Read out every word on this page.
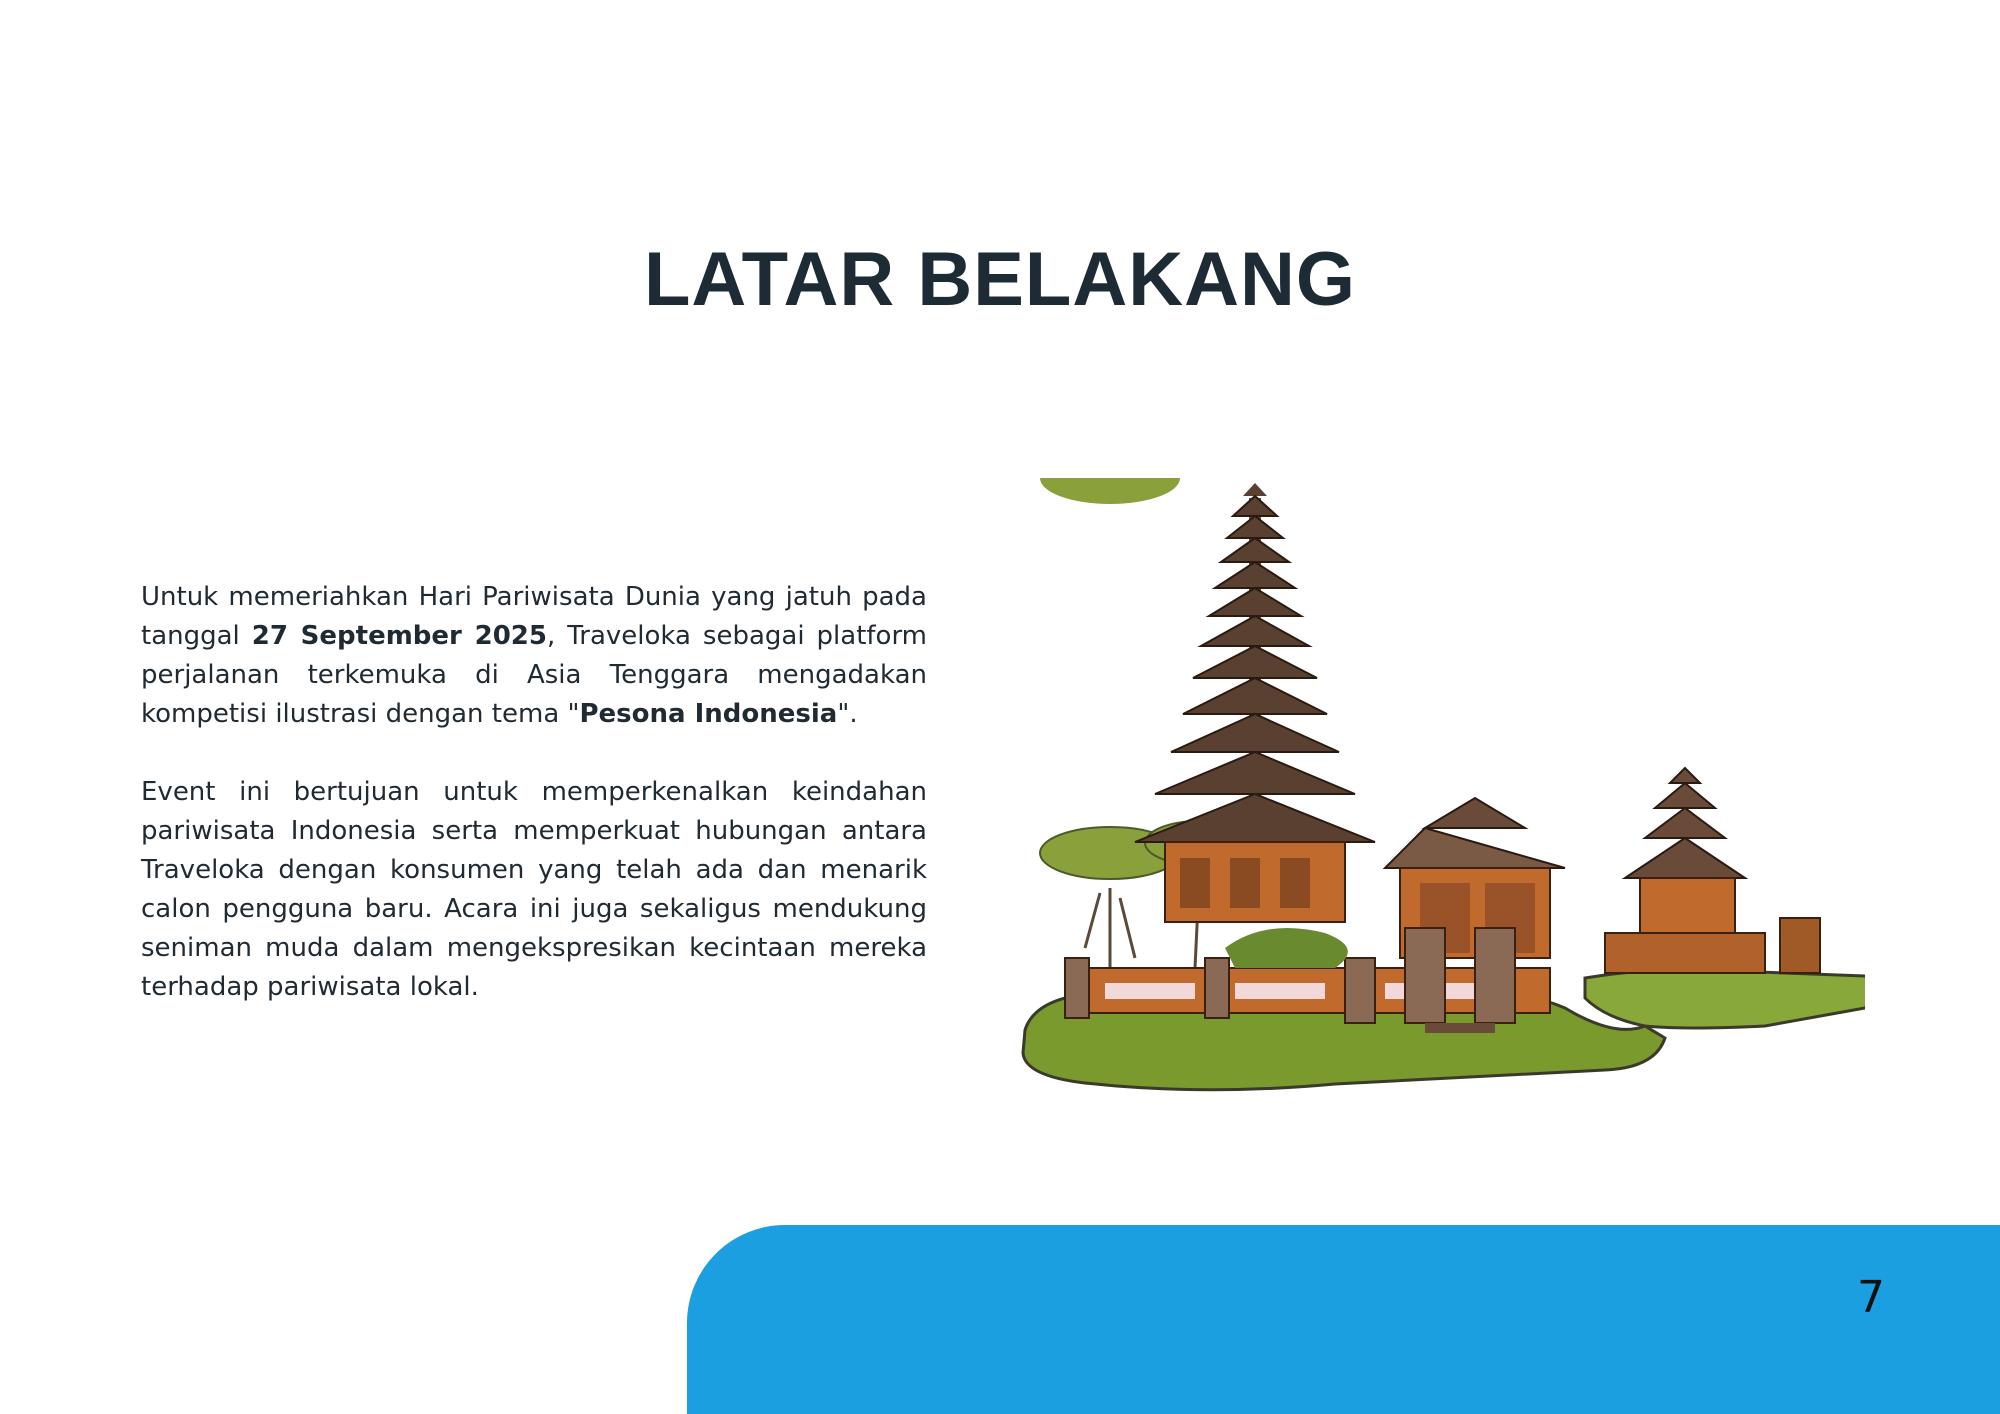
LATAR BELAKANG

Untuk memeriahkan Hari Pariwisata Dunia yang jatuh pada tanggal 27 September 2025, Traveloka sebagai platform perjalanan terkemuka di Asia Tenggara mengadakan kompetisi ilustrasi dengan tema "Pesona Indonesia".

Event ini bertujuan untuk memperkenalkan keindahan pariwisata Indonesia serta memperkuat hubungan antara Traveloka dengan konsumen yang telah ada dan menarik calon pengguna baru. Acara ini juga sekaligus mendukung seniman muda dalam mengekspresikan kecintaan mereka terhadap pariwisata lokal.

7
